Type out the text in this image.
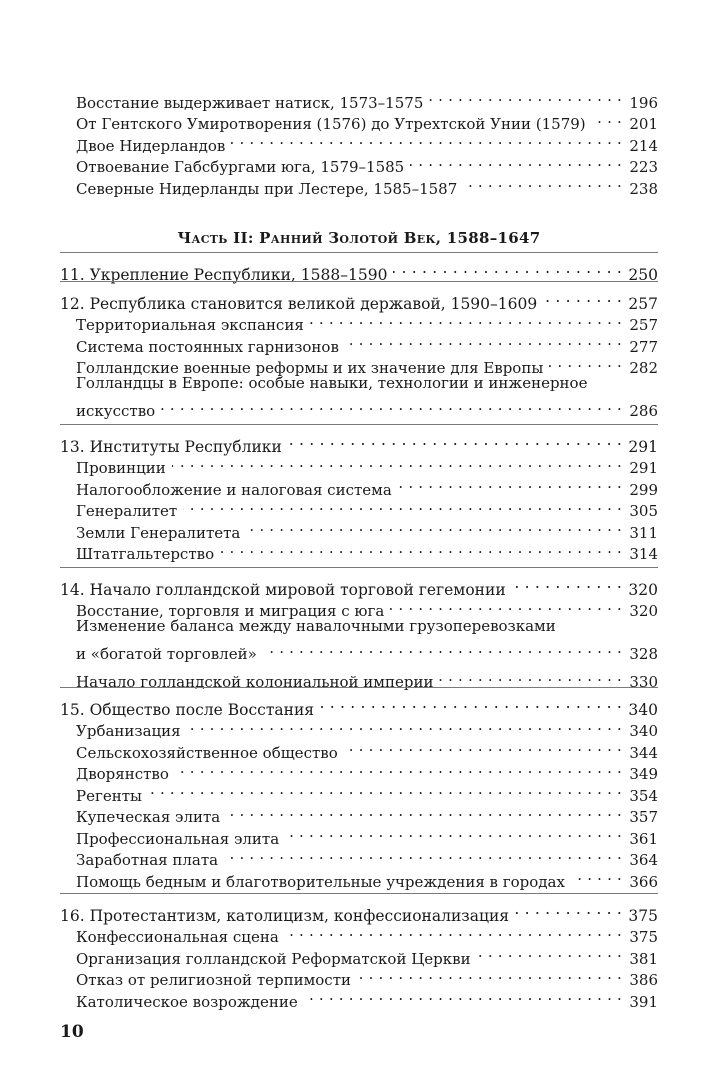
Восстание выдерживает натиск, 1573–1575 . . .	196
От Гентского Умиротворения (1576) до Утрехтской Унии (1579) . . .	201
Двое Нидерландов . . .	214
Отвоевание Габсбургами юга, 1579–1585 . . .	223
Северные Нидерланды при Лестере, 1585–1587 . . .	238
Часть II: Ранний Золотой Век, 1588–1647
11. Укрепление Республики, 1588–1590 . . .	250
12. Республика становится великой державой, 1590–1609 . . .	257
Территориальная экспансия . . .	257
Система постоянных гарнизонов . . .	277
Голландские военные реформы и их значение для Европы . . .	282
Голландцы в Европе: особые навыки, технологии и инженерное
искусство . . .	286
13. Институты Республики . . .	291
Провинции . . .	291
Налогообложение и налоговая система . . .	299
Генералитет . . .	305
Земли Генералитета . . .	311
Штатгальтерство . . .	314
14. Начало голландской мировой торговой гегемонии . . .	320
Восстание, торговля и миграция с юга . . .	320
Изменение баланса между навалочными грузоперевозками
и «богатой торговлей» . . .	328
Начало голландской колониальной империи . . .	330
15. Общество после Восстания . . .	340
Урбанизация . . .	340
Сельскохозяйственное общество . . .	344
Дворянство . . .	349
Регенты . . .	354
Купеческая элита . . .	357
Профессиональная элита . . .	361
Заработная плата . . .	364
Помощь бедным и благотворительные учреждения в городах . . .	366
16. Протестантизм, католицизм, конфессионализация . . .	375
Конфессиональная сцена . . .	375
Организация голландской Реформатской Церкви . . .	381
Отказ от религиозной терпимости . . .	386
Католическое возрождение . . .	391
10
